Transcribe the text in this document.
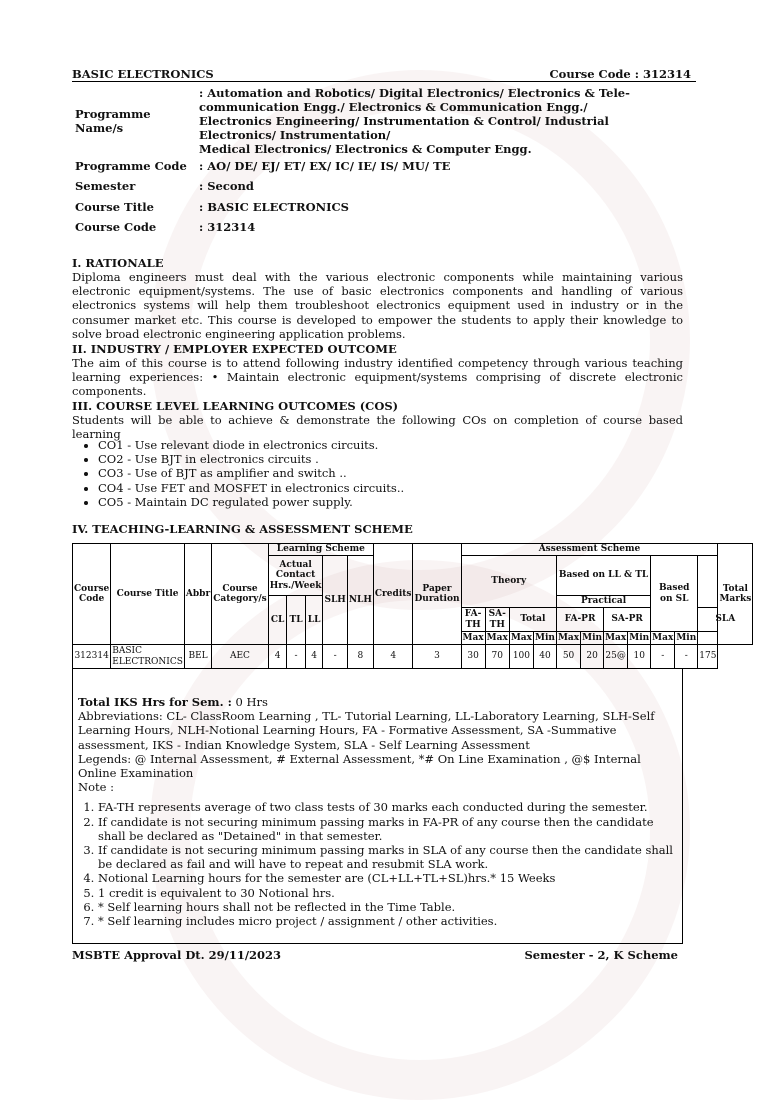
BASIC ELECTRONICS	Course Code : 312314
Programme Name/s	: Automation and Robotics/ Digital Electronics/ Electronics & Tele-communication Engg./ Electronics & Communication Engg./
Electronics Engineering/ Instrumentation & Control/ Industrial Electronics/ Instrumentation/
Medical Electronics/ Electronics & Computer Engg.

Programme Code	: AO/ DE/ EJ/ ET/ EX/ IC/ IE/ IS/ MU/ TE
Semester	: Second
Course Title	: BASIC ELECTRONICS
Course Code	: 312314
I. RATIONALE
Diploma engineers must deal with the various electronic components while maintaining various electronic equipment/systems. The use of basic electronics components and handling of various electronics systems will help them troubleshoot electronics equipment used in industry or in the consumer market etc. This course is developed to empower the students to apply their knowledge to solve broad electronic engineering application problems.
II. INDUSTRY / EMPLOYER EXPECTED OUTCOME
The aim of this course is to attend following industry identified competency through various teaching learning experiences: • Maintain electronic equipment/systems comprising of discrete electronic components.
III. COURSE LEVEL LEARNING OUTCOMES (COS)
Students will be able to achieve & demonstrate the following COs on completion of course based learning
• CO1 - Use relevant diode in electronics circuits.
• CO2 - Use BJT in electronics circuits .
• CO3 - Use of BJT as amplifier and switch ..
• CO4 - Use FET and MOSFET in electronics circuits..
• CO5 - Maintain DC regulated power supply.
IV. TEACHING-LEARNING & ASSESSMENT SCHEME
Course Code	Course Title	Abbr	Course Category/s	Learning Scheme					Credits	Paper Duration	Assessment Scheme											Total Marks
				Actual Contact Hrs./Week			SLH	NLH			Theory				Based on LL & TL				Based on SL			
				CL	TL	LL									Practical							
											FA- TH	SA- TH	Total		FA-PR		SA-PR				SLA	
											Max	Max	Max	Min	Max	Min	Max	Min	Max	Min		
312314	BASIC ELECTRONICS	BEL	AEC	4	-	4	-	8	4	3	30	70	100	40	50	20	25@	10	-	-	175	
Total IKS Hrs for Sem. : 0 Hrs
Abbreviations: CL- ClassRoom Learning , TL- Tutorial Learning, LL-Laboratory Learning, SLH-Self Learning Hours, NLH-Notional Learning Hours, FA - Formative Assessment, SA -Summative assessment, IKS - Indian Knowledge System, SLA - Self Learning Assessment
Legends: @ Internal Assessment, # External Assessment, *# On Line Examination , @$ Internal Online Examination
Note :
1. FA-TH represents average of two class tests of 30 marks each conducted during the semester.
2. If candidate is not securing minimum passing marks in FA-PR of any course then the candidate shall be declared as "Detained" in that semester.
3. If candidate is not securing minimum passing marks in SLA of any course then the candidate shall be declared as fail and will have to repeat and resubmit SLA work.
4. Notional Learning hours for the semester are (CL+LL+TL+SL)hrs.* 15 Weeks
5. 1 credit is equivalent to 30 Notional hrs.
6. * Self learning hours shall not be reflected in the Time Table.
7. * Self learning includes micro project / assignment / other activities.
MSBTE Approval Dt. 29/11/2023	Semester - 2, K Scheme
